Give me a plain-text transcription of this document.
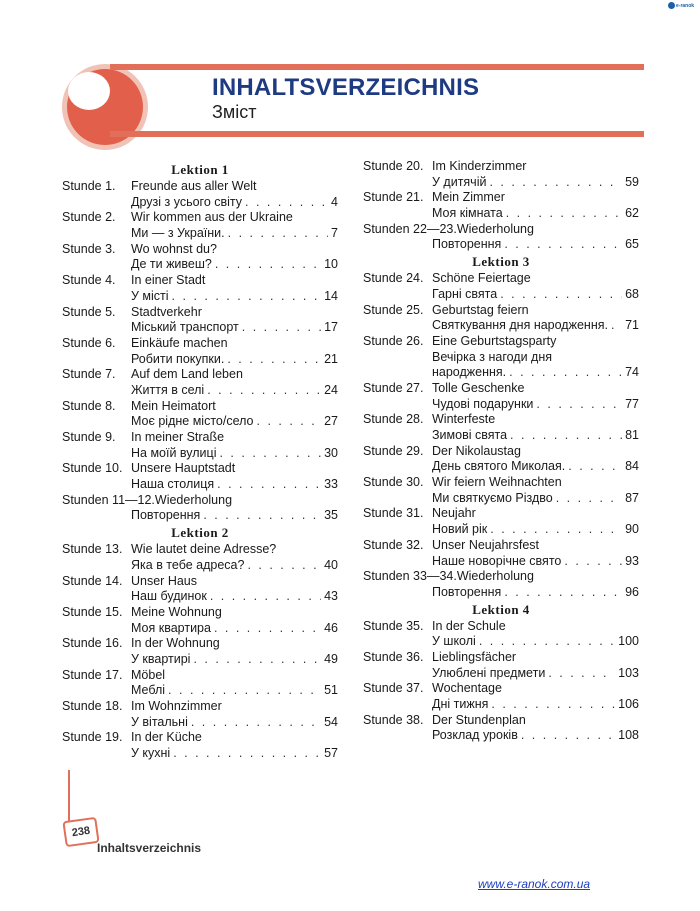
e-ranok
INHALTSVERZEICHNIS
Зміст
Lektion 1
Stunde 1.	Freunde aus aller Welt
Друзі з усього світу . . .	4
Stunde 2.	Wir kommen aus der Ukraine
Ми — з України. . . .	7
Stunde 3.	Wo wohnst du?
Де ти живеш? . . .	10
Stunde 4.	In einer Stadt
У місті . . .	14
Stunde 5.	Stadtverkehr
Міський транспорт . . .	17
Stunde 6.	Einkäufe machen
Робити покупки. . . .	21
Stunde 7.	Auf dem Land leben
Життя в селі . . .	24
Stunde 8.	Mein Heimatort
Моє рідне місто/село . . .	27
Stunde 9.	In meiner Straße
На моїй вулиці . . .	30
Stunde 10. Unsere Hauptstadt
Наша столиця . . .	33
Stunden 11—12. Wiederholung
Повторення . . .	35
Lektion 2
Stunde 13. Wie lautet deine Adresse?
Яка в тебе адреса? . . .	40
Stunde 14. Unser Haus
Наш будинок . . .	43
Stunde 15. Meine Wohnung
Моя квартира . . .	46
Stunde 16. In der Wohnung
У квартирі . . .	49
Stunde 17. Möbel
Меблі . . .	51
Stunde 18. Im Wohnzimmer
У вітальні . . .	54
Stunde 19. In der Küche
У кухні . . .	57
Stunde 20. Im Kinderzimmer
У дитячій . . .	59
Stunde 21. Mein Zimmer
Моя кімната . . .	62
Stunden 22—23. Wiederholung
Повторення . . .	65
Lektion 3
Stunde 24. Schöne Feiertage
Гарні свята . . .	68
Stunde 25. Geburtstag feiern
Святкування дня народження. . . . 71
Stunde 26. Eine Geburtstagsparty
Вечірка з нагоди дня
народження. . . .	74
Stunde 27. Tolle Geschenke
Чудові подарунки . . .	77
Stunde 28. Winterfeste
Зимові свята . . .	81
Stunde 29. Der Nikolaustag
День святого Миколая. . . .	84
Stunde 30. Wir feiern Weihnachten
Ми святкуємо Різдво . . .	87
Stunde 31. Neujahr
Новий рік . . .	90
Stunde 32. Unser Neujahrsfest
Наше новорічне свято . . .	93
Stunden 33—34. Wiederholung
Повторення . . .	96
Lektion 4
Stunde 35. In der Schule
У школі . . .	100
Stunde 36. Lieblingsfächer
Улюблені предмети . . .	103
Stunde 37. Wochentage
Дні тижня . . .	106
Stunde 38. Der Stundenplan
Розклад уроків . . .	108
238
Inhaltsverzeichnis
www.e-ranok.com.ua
